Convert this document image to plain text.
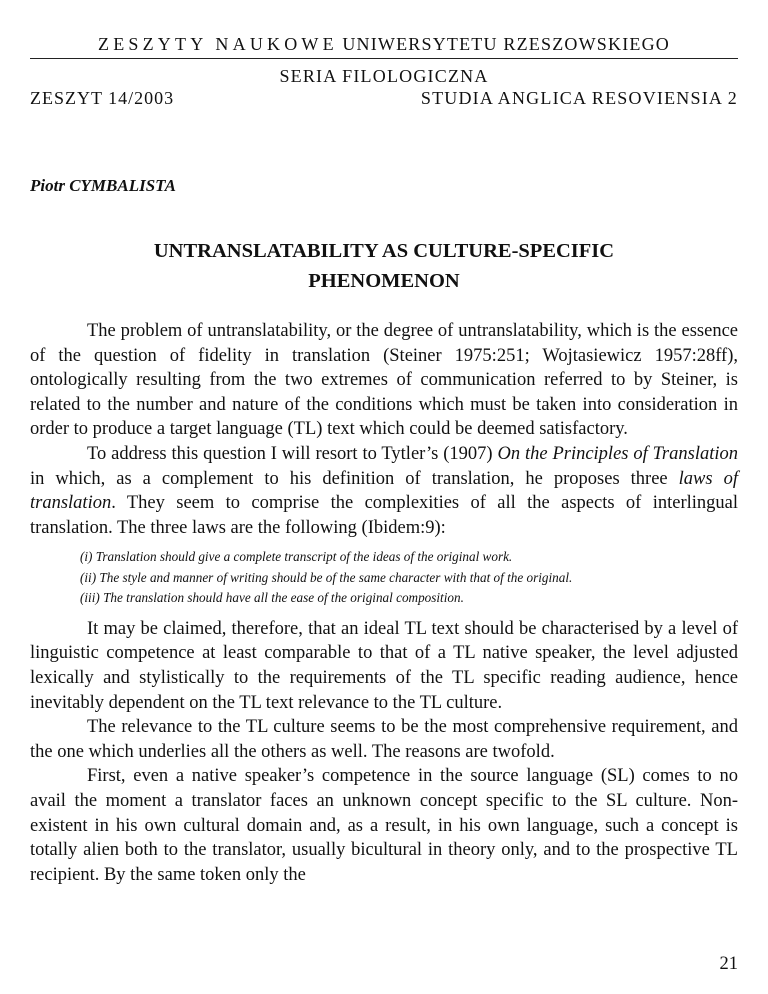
ZESZYTY NAUKOWE UNIWERSYTETU RZESZOWSKIEGO
SERIA FILOLOGICZNA
ZESZYT 14/2003	STUDIA ANGLICA RESOVIENSIA 2
Piotr CYMBALISTA
UNTRANSLATABILITY AS CULTURE-SPECIFIC
PHENOMENON

The problem of untranslatability, or the degree of untranslatability, which is the essence of the question of fidelity in translation (Steiner 1975:251; Wojtasiewicz 1957:28ff), ontologically resulting from the two extremes of communication referred to by Steiner, is related to the number and nature of the conditions which must be taken into consideration in order to produce a target language (TL) text which could be deemed satisfactory.

To address this question I will resort to Tytler’s (1907) On the Principles of Translation in which, as a complement to his definition of translation, he proposes three laws of translation. They seem to comprise the complexities of all the aspects of interlingual translation. The three laws are the following (Ibidem:9):

(i) Translation should give a complete transcript of the ideas of the original work.
(ii) The style and manner of writing should be of the same character with that of the original.
(iii) The translation should have all the ease of the original composition.

It may be claimed, therefore, that an ideal TL text should be characterised by a level of linguistic competence at least comparable to that of a TL native speaker, the level adjusted lexically and stylistically to the requirements of the TL specific reading audience, hence inevitably dependent on the TL text relevance to the TL culture.

The relevance to the TL culture seems to be the most comprehensive requirement, and the one which underlies all the others as well. The reasons are twofold.

First, even a native speaker’s competence in the source language (SL) comes to no avail the moment a translator faces an unknown concept specific to the SL culture. Non-existent in his own cultural domain and, as a result, in his own language, such a concept is totally alien both to the translator, usually bicultural in theory only, and to the prospective TL recipient. By the same token only the

21
